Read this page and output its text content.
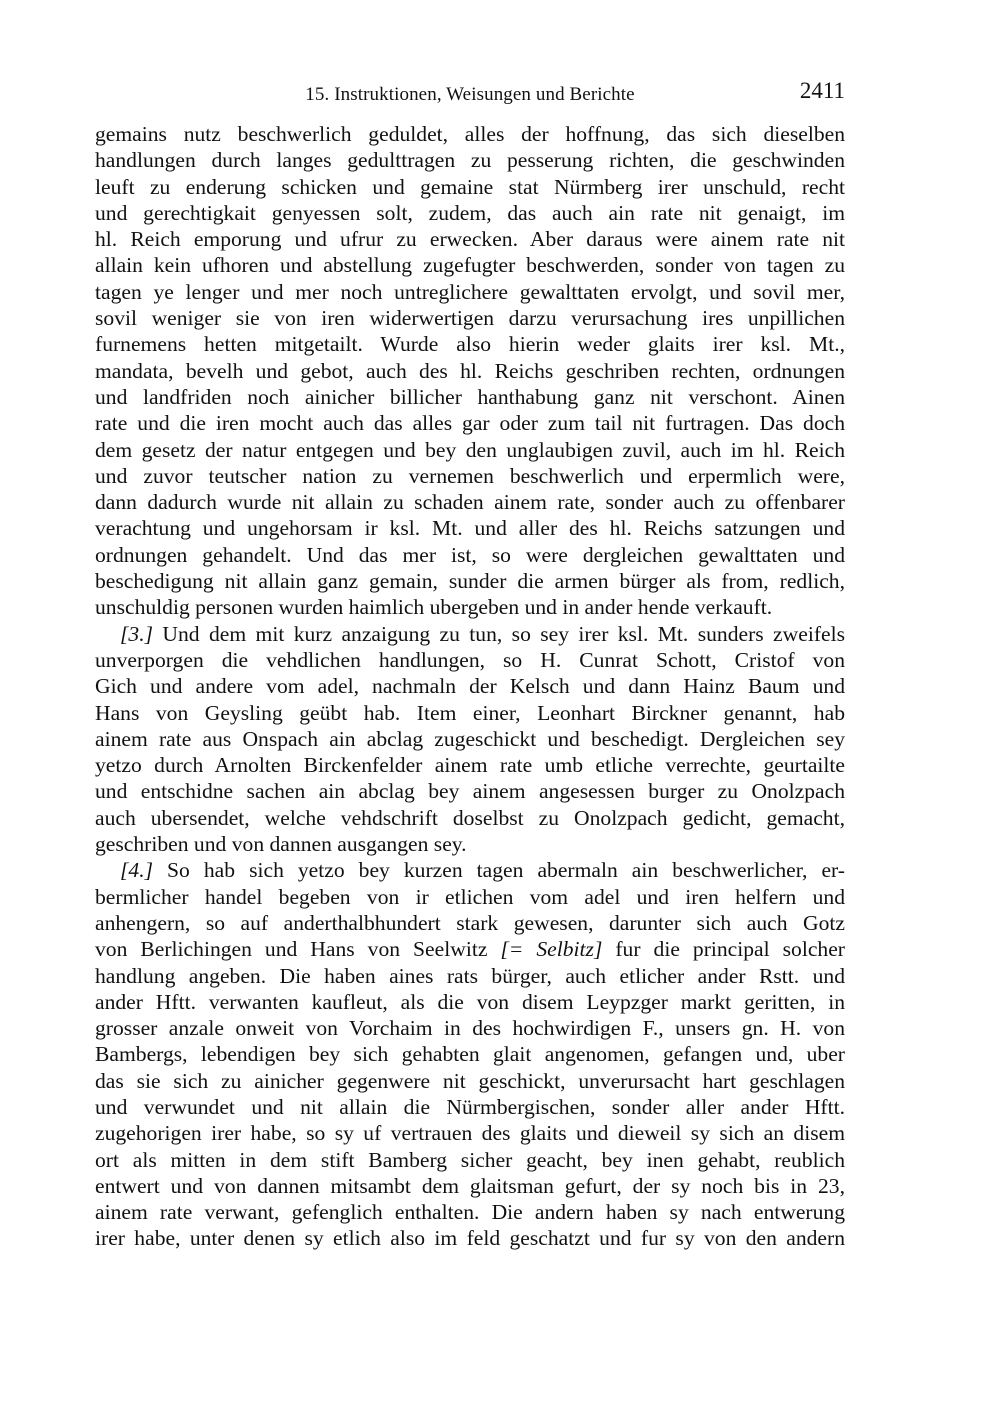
15. Instruktionen, Weisungen und Berichte	2411
gemains nutz beschwerlich geduldet, alles der hoffnung, das sich dieselben
handlungen durch langes gedulttragen zu pesserung richten, die geschwinden
leuft zu enderung schicken und gemaine stat Nürmberg irer unschuld, recht
und gerechtigkait genyessen solt, zudem, das auch ain rate nit genaigt, im
hl. Reich emporung und ufrur zu erwecken. Aber daraus were ainem rate nit
allain kein ufhoren und abstellung zugefugter beschwerden, sonder von tagen zu
tagen ye lenger und mer noch untreglichere gewalttaten ervolgt, und sovil mer,
sovil weniger sie von iren widerwertigen darzu verursachung ires unpillichen
furnemens hetten mitgetailt. Wurde also hierin weder glaits irer ksl. Mt.,
mandata, bevelh und gebot, auch des hl. Reichs geschriben rechten, ordnungen
und landfriden noch ainicher billicher hanthabung ganz nit verschont. Ainen
rate und die iren mocht auch das alles gar oder zum tail nit furtragen. Das doch
dem gesetz der natur entgegen und bey den unglaubigen zuvil, auch im hl. Reich
und zuvor teutscher nation zu vernemen beschwerlich und erpermlich were,
dann dadurch wurde nit allain zu schaden ainem rate, sonder auch zu offenbarer
verachtung und ungehorsam ir ksl. Mt. und aller des hl. Reichs satzungen und
ordnungen gehandelt. Und das mer ist, so were dergleichen gewalttaten und
beschedigung nit allain ganz gemain, sunder die armen bürger als from, redlich,
unschuldig personen wurden haimlich ubergeben und in ander hende verkauft.
[3.] Und dem mit kurz anzaigung zu tun, so sey irer ksl. Mt. sunders zweifels
unverporgen die vehdlichen handlungen, so H. Cunrat Schott, Cristof von
Gich und andere vom adel, nachmaln der Kelsch und dann Hainz Baum und
Hans von Geysling geübt hab. Item einer, Leonhart Birckner genannt, hab
ainem rate aus Onspach ain abclag zugeschickt und beschedigt. Dergleichen sey
yetzo durch Arnolten Birckenfelder ainem rate umb etliche verrechte, geurtailte
und entschidne sachen ain abclag bey ainem angesessen burger zu Onolzpach
auch ubersendet, welche vehdschrift doselbst zu Onolzpach gedicht, gemacht,
geschriben und von dannen ausgangen sey.
[4.] So hab sich yetzo bey kurzen tagen abermaln ain beschwerlicher, er-
bermlicher handel begeben von ir etlichen vom adel und iren helfern und
anhengern, so auf anderthalbhundert stark gewesen, darunter sich auch Gotz
von Berlichingen und Hans von Seelwitz [= Selbitz] fur die principal solcher
handlung angeben. Die haben aines rats bürger, auch etlicher ander Rstt. und
ander Hftt. verwanten kaufleut, als die von disem Leypzger markt geritten, in
grosser anzale onweit von Vorchaim in des hochwirdigen F., unsers gn. H. von
Bambergs, lebendigen bey sich gehabten glait angenomen, gefangen und, uber
das sie sich zu ainicher gegenwere nit geschickt, unverursacht hart geschlagen
und verwundet und nit allain die Nürmbergischen, sonder aller ander Hftt.
zugehorigen irer habe, so sy uf vertrauen des glaits und dieweil sy sich an disem
ort als mitten in dem stift Bamberg sicher geacht, bey inen gehabt, reublich
entwert und von dannen mitsambt dem glaitsman gefurt, der sy noch bis in 23,
ainem rate verwant, gefenglich enthalten. Die andern haben sy nach entwerung
irer habe, unter denen sy etlich also im feld geschatzt und fur sy von den andern
